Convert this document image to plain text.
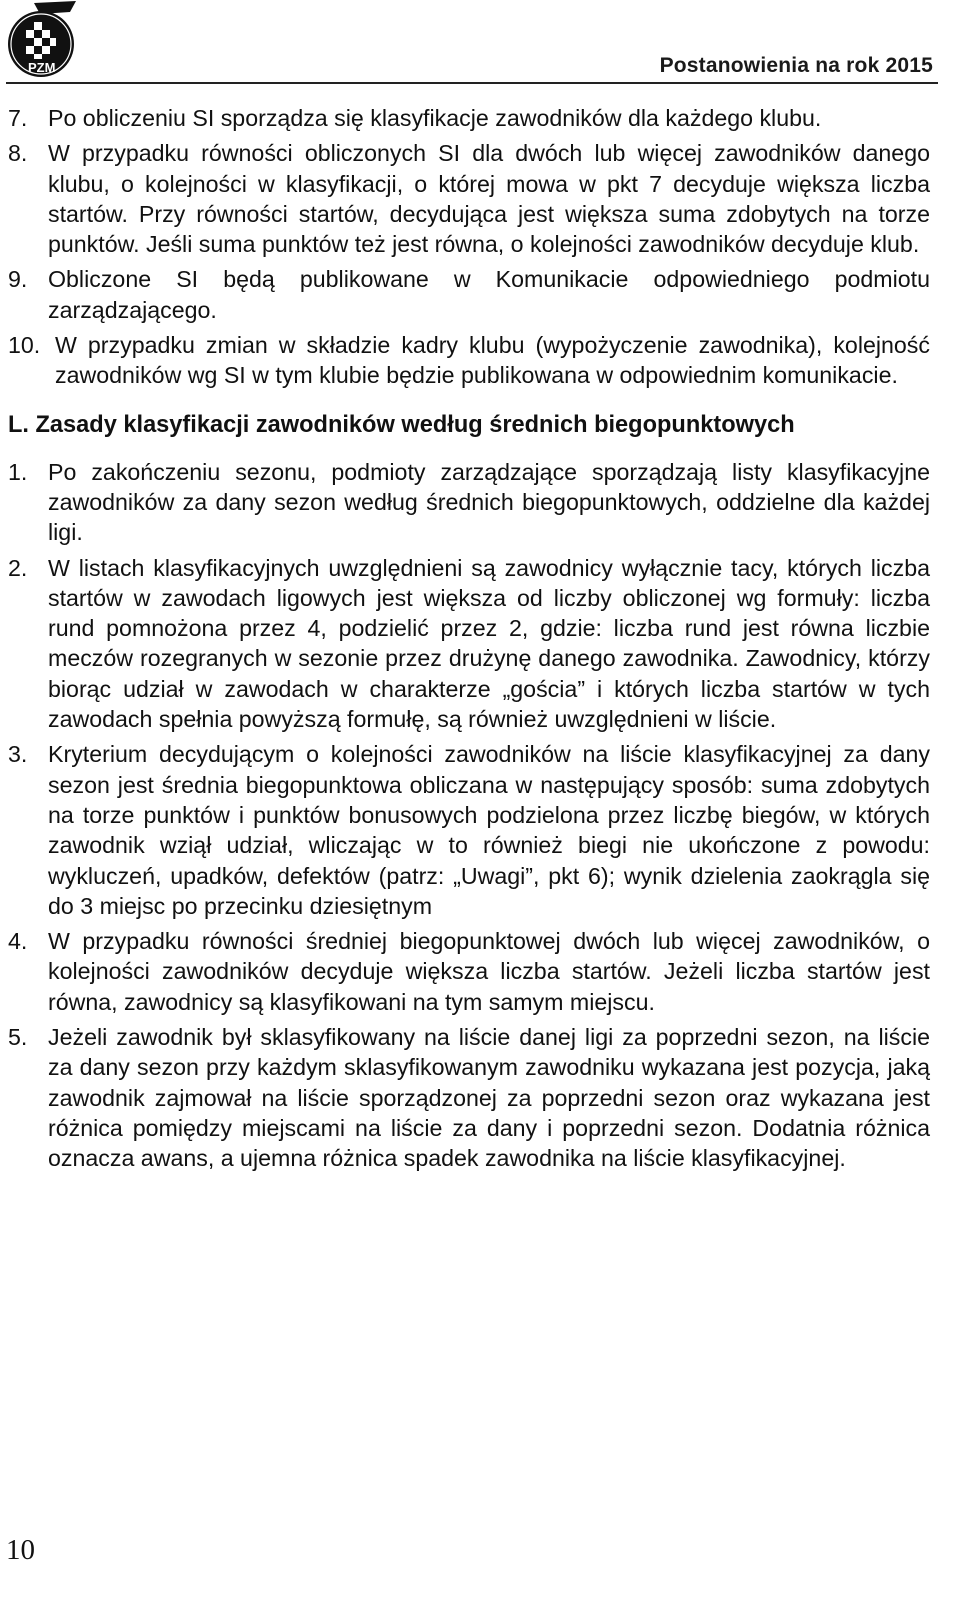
PZM	Postanowienia na rok 2015
7. Po obliczeniu SI sporządza się klasyfikacje zawodników dla każdego klubu.
8. W przypadku równości obliczonych SI dla dwóch lub więcej zawodników danego klubu, o kolejności w klasyfikacji, o której mowa w pkt 7 decyduje większa liczba startów. Przy równości startów, decydująca jest większa suma zdobytych na torze punktów. Jeśli suma punktów też jest równa, o kolejności zawodników decyduje klub.
9. Obliczone SI będą publikowane w Komunikacie odpowiedniego podmiotu zarządzającego.
10. W przypadku zmian w składzie kadry klubu (wypożyczenie zawodnika), kolejność zawodników wg SI w tym klubie będzie publikowana w odpowiednim komunikacie.
L. Zasady klasyfikacji zawodników według średnich biegopunktowych
1. Po zakończeniu sezonu, podmioty zarządzające sporządzają listy klasyfikacyjne zawodników za dany sezon według średnich biegopunktowych, oddzielne dla każdej ligi.
2. W listach klasyfikacyjnych uwzględnieni są zawodnicy wyłącznie tacy, których liczba startów w zawodach ligowych jest większa od liczby obliczonej wg formuły: liczba rund pomnożona przez 4, podzielić przez 2, gdzie: liczba rund jest równa liczbie meczów rozegranych w sezonie przez drużynę danego zawodnika. Zawodnicy, którzy biorąc udział w zawodach w charakterze „gościa” i których liczba startów w tych zawodach spełnia powyższą formułę, są również uwzględnieni w liście.
3. Kryterium decydującym o kolejności zawodników na liście klasyfikacyjnej za dany sezon jest średnia biegopunktowa obliczana w następujący sposób: suma zdobytych na torze punktów i punktów bonusowych podzielona przez liczbę biegów, w których zawodnik wziął udział, wliczając w to również biegi nie ukończone z powodu: wykluczeń, upadków, defektów (patrz: „Uwagi”, pkt 6); wynik dzielenia zaokrągla się do 3 miejsc po przecinku dziesiętnym
4. W przypadku równości średniej biegopunktowej dwóch lub więcej zawodników, o kolejności zawodników decyduje większa liczba startów. Jeżeli liczba startów jest równa, zawodnicy są klasyfikowani na tym samym miejscu.
5. Jeżeli zawodnik był sklasyfikowany na liście danej ligi za poprzedni sezon, na liście za dany sezon przy każdym sklasyfikowanym zawodniku wykazana jest pozycja, jaką zawodnik zajmował na liście sporządzonej za poprzedni sezon oraz wykazana jest różnica pomiędzy miejscami na liście za dany i poprzedni sezon. Dodatnia różnica oznacza awans, a ujemna różnica spadek zawodnika na liście klasyfikacyjnej.
10
